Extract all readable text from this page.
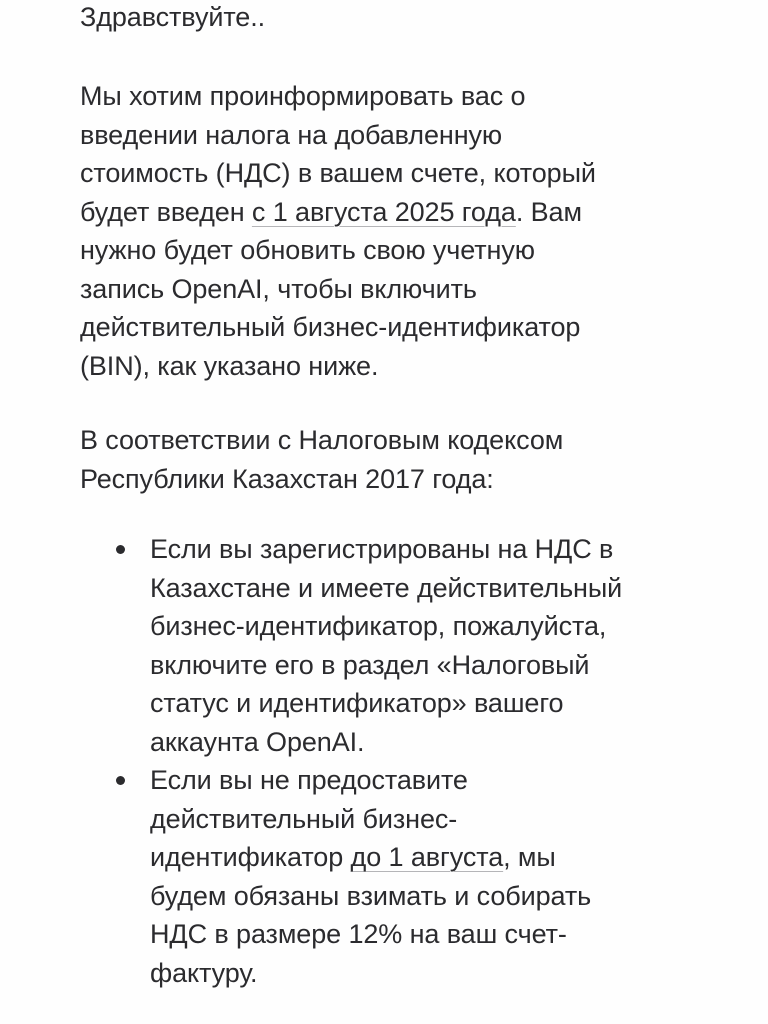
Здравствуйте..

Мы хотим проинформировать вас о
введении налога на добавленную
стоимость (НДС) в вашем счете, который
будет введен с 1 августа 2025 года. Вам
нужно будет обновить свою учетную
запись OpenAI, чтобы включить
действительный бизнес-идентификатор
(BIN), как указано ниже.

В соответствии с Налоговым кодексом
Республики Казахстан 2017 года:

Если вы зарегистрированы на НДС в
Казахстане и имеете действительный
бизнес-идентификатор, пожалуйста,
включите его в раздел «Налоговый
статус и идентификатор» вашего
аккаунта OpenAI.
Если вы не предоставите
действительный бизнес-
идентификатор до 1 августа, мы
будем обязаны взимать и собирать
НДС в размере 12% на ваш счет-
фактуру.
